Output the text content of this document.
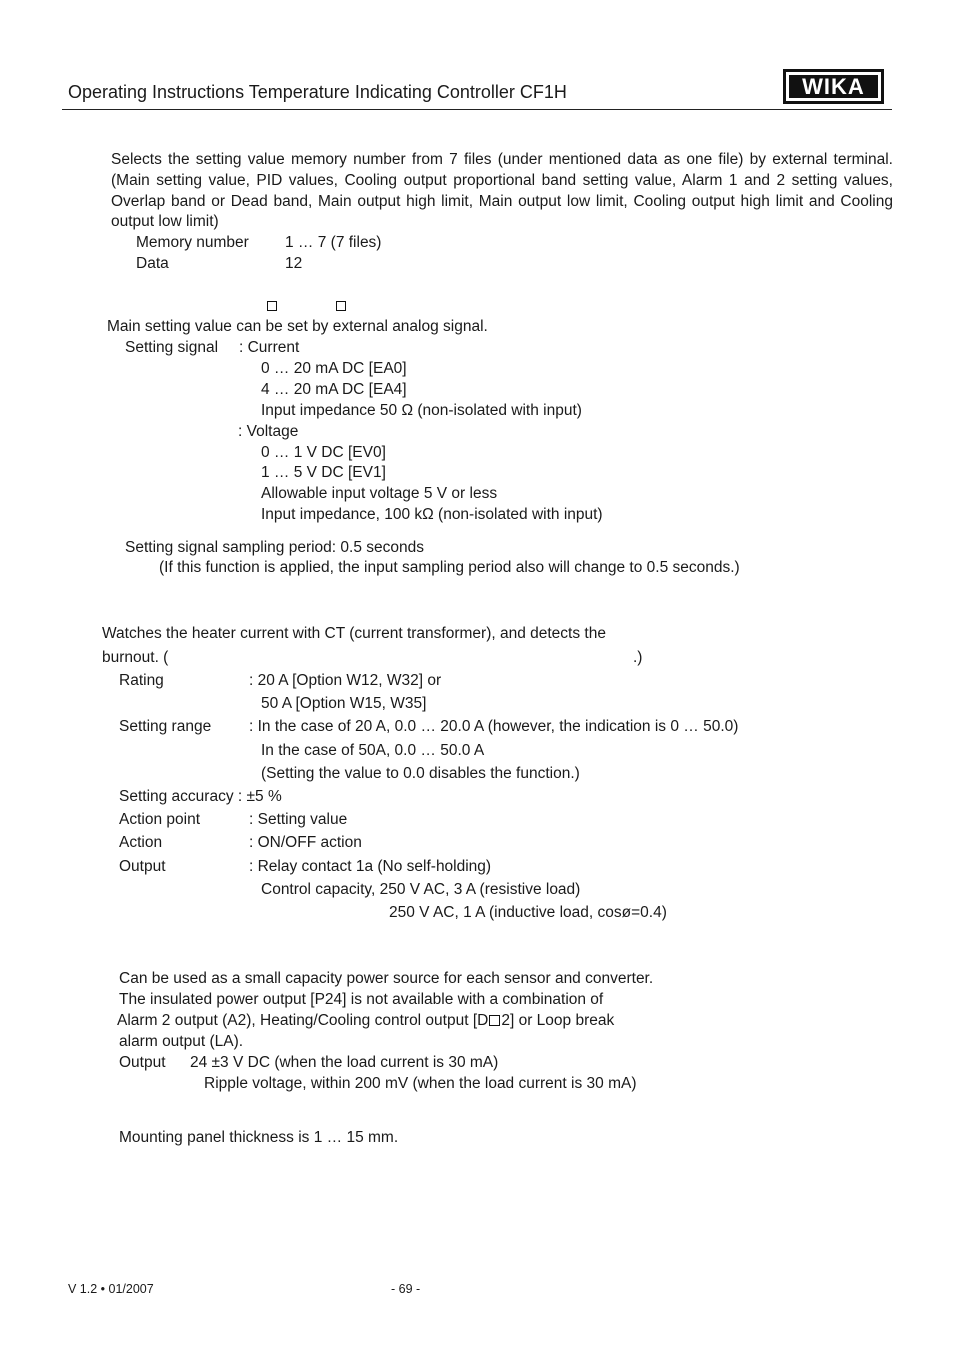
Operating Instructions Temperature Indicating Controller CF1H	WIKA
Selects the setting value memory number from 7 files (under mentioned data as one file) by external terminal. (Main setting value, PID values, Cooling output proportional band setting value, Alarm 1 and 2 setting values, Overlap band or Dead band, Main output high limit, Main output low limit, Cooling output high limit and Cooling output low limit)
Memory number 1 … 7 (7 files)
Data	12
Main setting value can be set by external analog signal.
Setting signal : Current
0 … 20 mA DC [EA0]
4 … 20 mA DC [EA4]
Input impedance 50 Ω (non-isolated with input)
: Voltage
0 … 1 V DC [EV0]
1 … 5 V DC [EV1]
Allowable input voltage 5 V or less
Input impedance, 100 kΩ (non-isolated with input)
Setting signal sampling period: 0.5 seconds
(If this function is applied, the input sampling period also will change to 0.5 seconds.)
Watches the heater current with CT (current transformer), and detects the
burnout. (	.)
Rating	: 20 A [Option W12, W32] or
50 A [Option W15, W35]
Setting range : In the case of 20 A, 0.0 … 20.0 A (however, the indication is 0 … 50.0)
In the case of 50A, 0.0 … 50.0 A
(Setting the value to 0.0 disables the function.)
Setting accuracy : ±5 %
Action point	: Setting value
Action	: ON/OFF action
Output	: Relay contact 1a (No self-holding)
Control capacity, 250 V AC, 3 A (resistive load)
250 V AC, 1 A (inductive load, cosø=0.4)
Can be used as a small capacity power source for each sensor and converter.
The insulated power output [P24] is not available with a combination of
Alarm 2 output (A2), Heating/Cooling control output [D 2] or Loop break
alarm output (LA).
Output 24 ±3 V DC (when the load current is 30 mA)
Ripple voltage, within 200 mV (when the load current is 30 mA)
Mounting panel thickness is 1 … 15 mm.
V 1.2 • 01/2007	- 69 -
